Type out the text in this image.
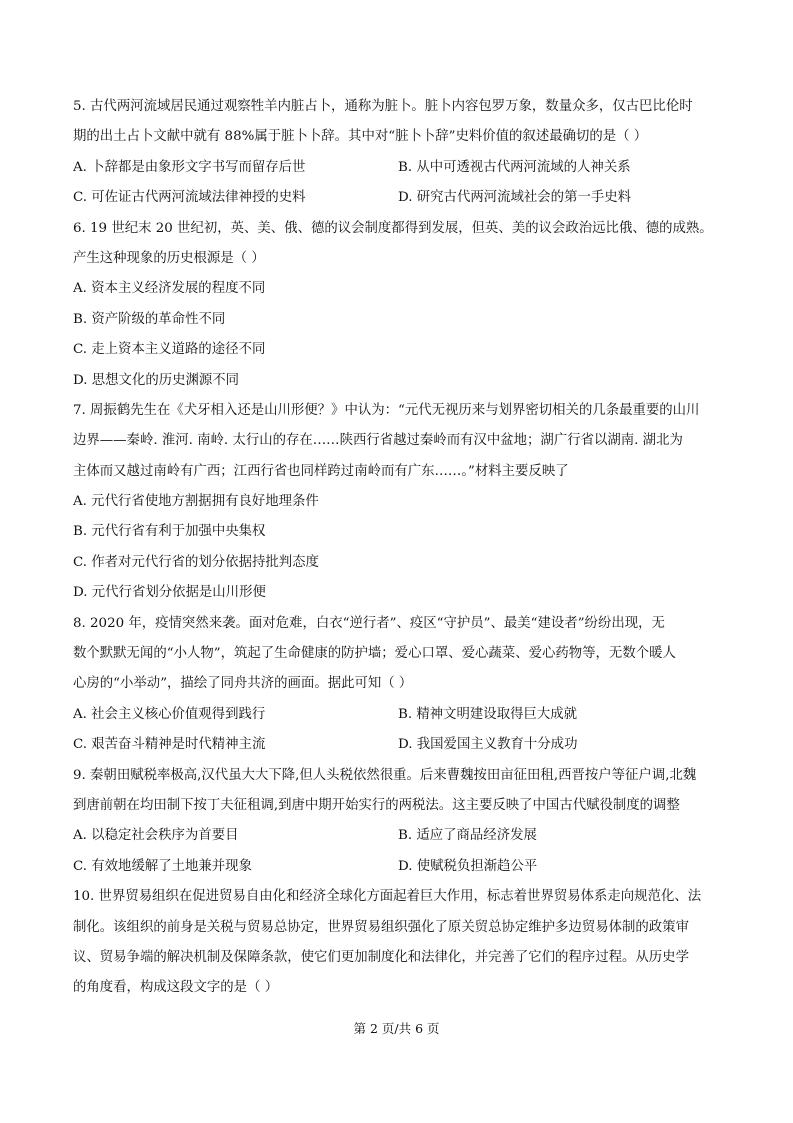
5. 古代两河流域居民通过观察牲羊内脏占卜，通称为脏卜。脏卜内容包罗万象，数量众多，仅古巴比伦时
期的出土占卜文献中就有 88%属于脏卜卜辞。其中对“脏卜卜辞”史料价值的叙述最确切的是（ ）
A. 卜辞都是由象形文字书写而留存后世	B. 从中可透视古代两河流域的人神关系
C. 可佐证古代两河流域法律神授的史料	D. 研究古代两河流域社会的第一手史料
6. 19 世纪末 20 世纪初，英、美、俄、德的议会制度都得到发展，但英、美的议会政治远比俄、德的成熟。
产生这种现象的历史根源是（ ）
A. 资本主义经济发展的程度不同
B. 资产阶级的革命性不同
C. 走上资本主义道路的途径不同
D. 思想文化的历史渊源不同
7. 周振鹤先生在《犬牙相入还是山川形便？》中认为：“元代无视历来与划界密切相关的几条最重要的山川
边界——秦岭. 淮河. 南岭. 太行山的存在……陕西行省越过秦岭而有汉中盆地；湖广行省以湖南. 湖北为
主体而又越过南岭有广西；江西行省也同样跨过南岭而有广东……。”材料主要反映了
A. 元代行省使地方割据拥有良好地理条件
B. 元代行省有利于加强中央集权
C. 作者对元代行省的划分依据持批判态度
D. 元代行省划分依据是山川形便
8. 2020 年，疫情突然来袭。面对危难，白衣“逆行者”、疫区“守护员”、最美“建设者”纷纷出现，无
数个默默无闻的“小人物”，筑起了生命健康的防护墙；爱心口罩、爱心蔬菜、爱心药物等，无数个暖人
心房的“小举动”，描绘了同舟共济的画面。据此可知（ ）
A. 社会主义核心价值观得到践行	B. 精神文明建设取得巨大成就
C. 艰苦奋斗精神是时代精神主流	D. 我国爱国主义教育十分成功
9. 秦朝田赋税率极高,汉代虽大大下降,但人头税依然很重。后来曹魏按田亩征田租,西晋按户等征户调,北魏
到唐前朝在均田制下按丁夫征租调,到唐中期开始实行的两税法。这主要反映了中国古代赋役制度的调整
A. 以稳定社会秩序为首要目	B. 适应了商品经济发展
C. 有效地缓解了土地兼并现象	D. 使赋税负担渐趋公平
10. 世界贸易组织在促进贸易自由化和经济全球化方面起着巨大作用，标志着世界贸易体系走向规范化、法
制化。该组织的前身是关税与贸易总协定，世界贸易组织强化了原关贸总协定维护多边贸易体制的政策审
议、贸易争端的解决机制及保障条款，使它们更加制度化和法律化，并完善了它们的程序过程。从历史学
的角度看，构成这段文字的是（ ）
第 2 页/共 6 页
